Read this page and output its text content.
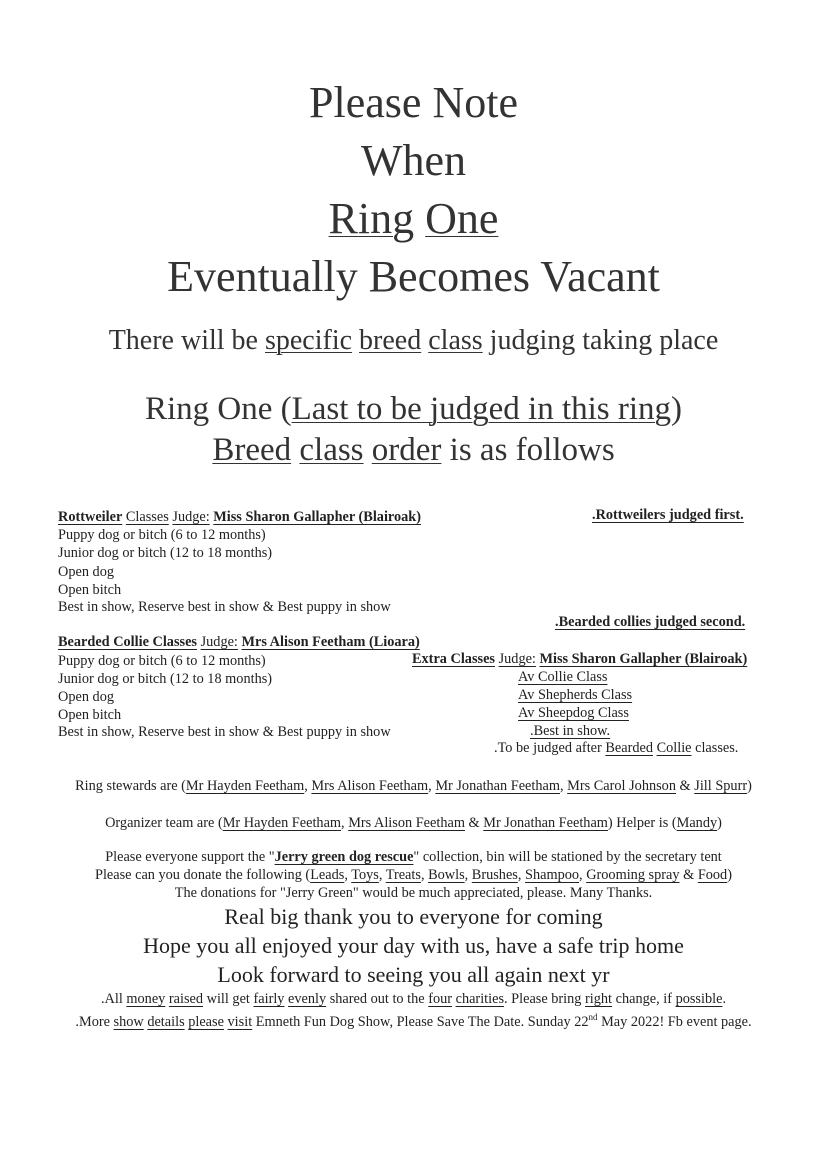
Please Note
When
Ring One
Eventually Becomes Vacant
There will be specific breed class judging taking place
Ring One (Last to be judged in this ring)
Breed class order is as follows
Rottweiler Classes Judge: Miss Sharon Gallapher (Blairoak)	.Rottweilers judged first.
Puppy dog or bitch (6 to 12 months)
Junior dog or bitch (12 to 18 months)
Open dog
Open bitch
Best in show, Reserve best in show & Best puppy in show
.Bearded collies judged second.
Bearded Collie Classes Judge: Mrs Alison Feetham (Lioara)
Puppy dog or bitch (6 to 12 months)
Junior dog or bitch (12 to 18 months)
Open dog
Open bitch
Best in show, Reserve best in show & Best puppy in show
Extra Classes Judge: Miss Sharon Gallapher (Blairoak)
Av Collie Class
Av Shepherds Class
Av Sheepdog Class
.Best in show.
.To be judged after Bearded Collie classes.
Ring stewards are (Mr Hayden Feetham, Mrs Alison Feetham, Mr Jonathan Feetham, Mrs Carol Johnson & Jill Spurr)
Organizer team are (Mr Hayden Feetham, Mrs Alison Feetham & Mr Jonathan Feetham) Helper is (Mandy)
Please everyone support the "Jerry green dog rescue" collection, bin will be stationed by the secretary tent
Please can you donate the following (Leads, Toys, Treats, Bowls, Brushes, Shampoo, Grooming spray & Food)
The donations for "Jerry Green" would be much appreciated, please. Many Thanks.
Real big thank you to everyone for coming
Hope you all enjoyed your day with us, have a safe trip home
Look forward to seeing you all again next yr
.All money raised will get fairly evenly shared out to the four charities. Please bring right change, if possible.
.More show details please visit Emneth Fun Dog Show, Please Save The Date. Sunday 22nd May 2022! Fb event page.
